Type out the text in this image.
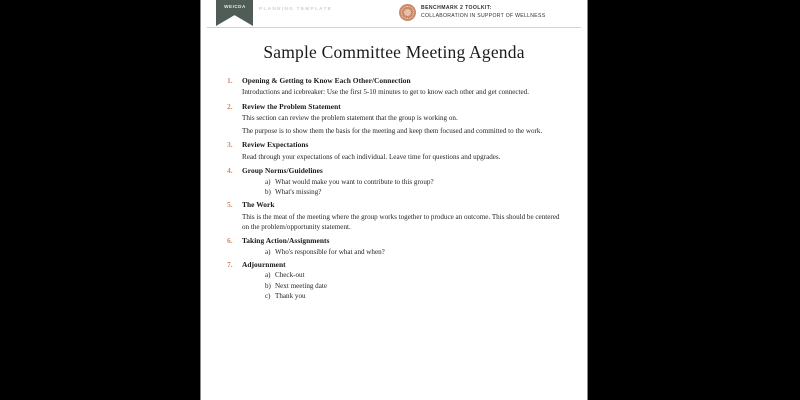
WEICDA
PLANNING TEMPLATE	BENCHMARK 2 TOOLKIT:
COLLABORATION IN SUPPORT OF WELLNESS
Sample Committee Meeting Agenda
1.	Opening & Getting to Know Each Other/Connection
Introductions and icebreaker: Use the first 5-10 minutes to get to know each other and get connected.
2.	Review the Problem Statement
This section can review the problem statement that the group is working on.
The purpose is to show them the basis for the meeting and keep them focused and committed to the work.
3.	Review Expectations
Read through your expectations of each individual. Leave time for questions and upgrades.
4.	Group Norms/Guidelines
a) What would make you want to contribute to this group?
b) What's missing?
5.	The Work
This is the meat of the meeting where the group works together to produce an outcome. This should be centered on the problem/opportunity statement.
6.	Taking Action/Assignments
a) Who's responsible for what and when?
7.	Adjournment
a) Check-out
b) Next meeting date
c) Thank you
